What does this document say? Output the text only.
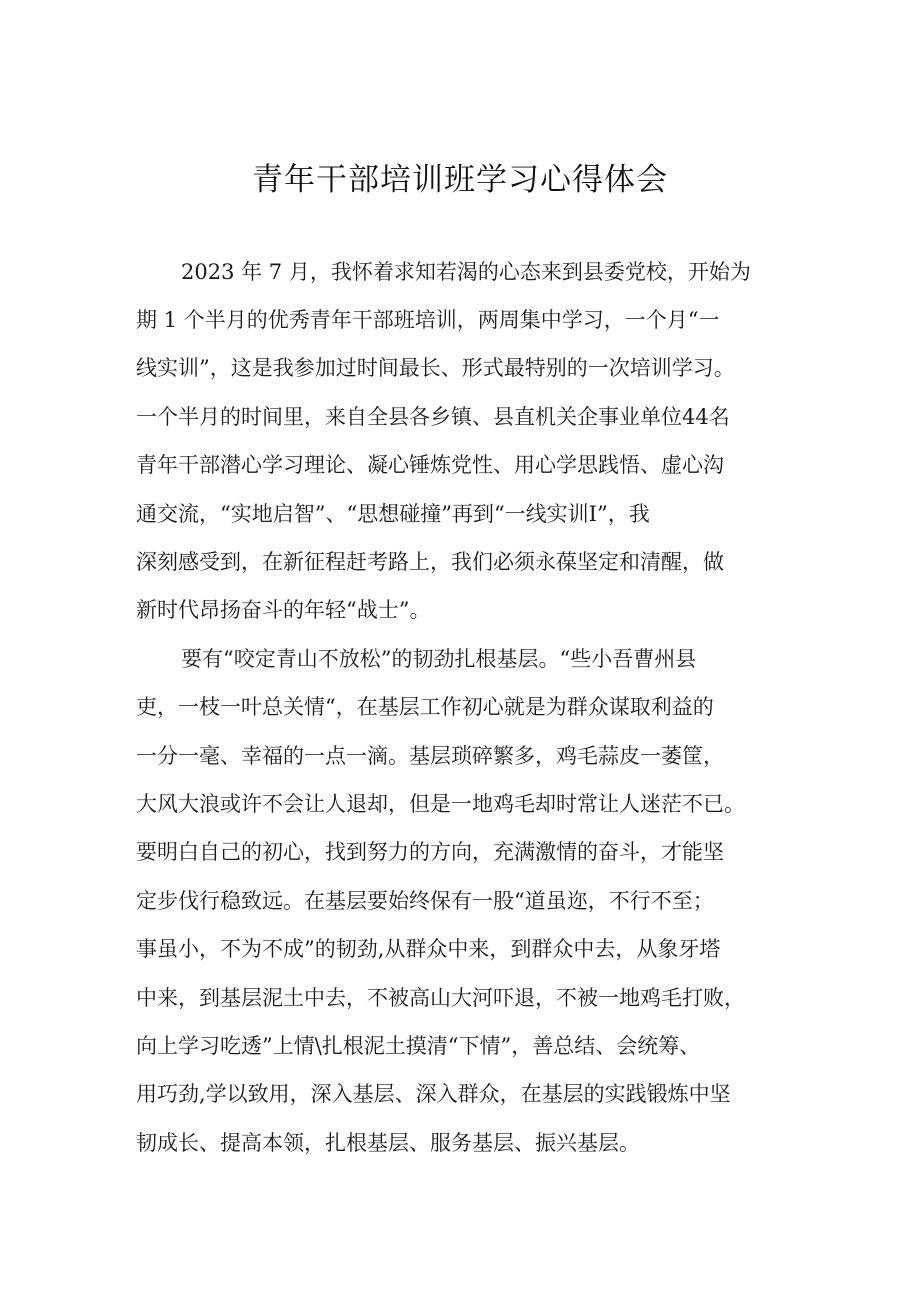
青年干部培训班学习心得体会
2023 年 7 月，我怀着求知若渴的心态来到县委党校，开始为
期 1 个半月的优秀青年干部班培训，两周集中学习，一个月“一
线实训”，这是我参加过时间最长、形式最特别的一次培训学习。
一个半月的时间里，来自全县各乡镇、县直机关企事业单位44名
青年干部潜心学习理论、凝心锤炼党性、用心学思践悟、虚心沟
通交流，“实地启智”、“思想碰撞”再到“一线实训Ⅰ”，我
深刻感受到，在新征程赶考路上，我们必须永葆坚定和清醒，做
新时代昂扬奋斗的年轻“战士”。
要有“咬定青山不放松”的韧劲扎根基层。“些小吾曹州县
吏，一枝一叶总关情“，在基层工作初心就是为群众谋取利益的
一分一毫、幸福的一点一滴。基层琐碎繁多，鸡毛蒜皮一萎筐，
大风大浪或许不会让人退却，但是一地鸡毛却时常让人迷茫不已。
要明白自己的初心，找到努力的方向，充满激情的奋斗，才能坚
定步伐行稳致远。在基层要始终保有一股“道虽迩，不行不至；
事虽小，不为不成”的韧劲,从群众中来，到群众中去，从象牙塔
中来，到基层泥土中去，不被高山大河吓退，不被一地鸡毛打败，
向上学习吃透”上情\扎根泥土摸清“下情”，善总结、会统筹、
用巧劲,学以致用，深入基层、深入群众，在基层的实践锻炼中坚
韧成长、提高本领，扎根基层、服务基层、振兴基层。
